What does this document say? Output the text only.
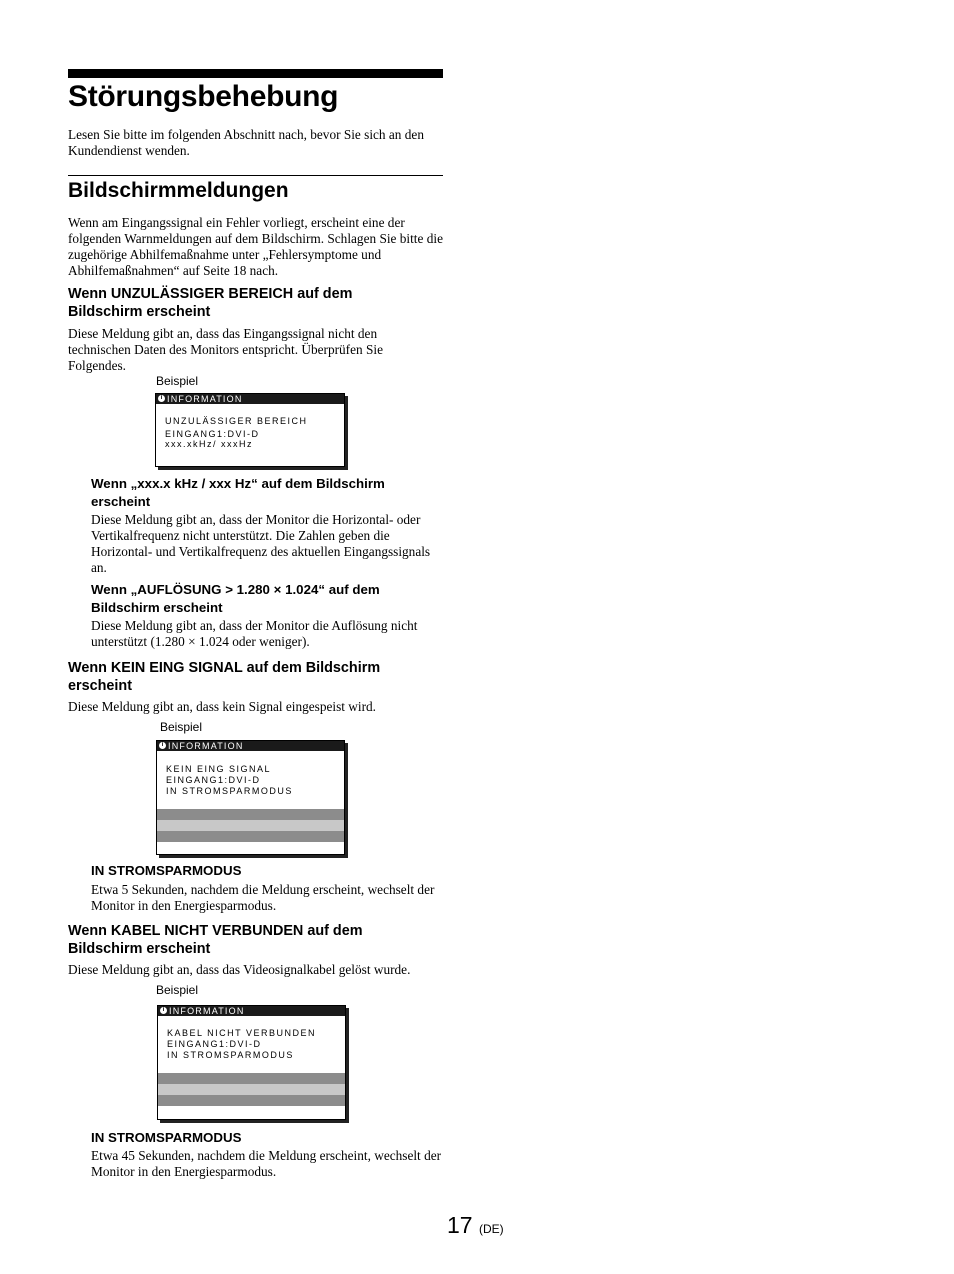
Störungsbehebung
Lesen Sie bitte im folgenden Abschnitt nach, bevor Sie sich an den Kundendienst wenden.
Bildschirmmeldungen
Wenn am Eingangssignal ein Fehler vorliegt, erscheint eine der folgenden Warnmeldungen auf dem Bildschirm. Schlagen Sie bitte die zugehörige Abhilfemaßnahme unter „Fehlersymptome und Abhilfemaßnahmen“ auf Seite 18 nach.
Wenn UNZULÄSSIGER BEREICH auf dem Bildschirm erscheint
Diese Meldung gibt an, dass das Eingangssignal nicht den technischen Daten des Monitors entspricht. Überprüfen Sie Folgendes.
Beispiel
i INFORMATION
UNZULÄSSIGER BEREICH
EINGANG1:DVI-D
xxx.xkHz/ xxxHz
Wenn „xxx.x kHz / xxx Hz“ auf dem Bildschirm erscheint
Diese Meldung gibt an, dass der Monitor die Horizontal- oder Vertikalfrequenz nicht unterstützt. Die Zahlen geben die Horizontal- und Vertikalfrequenz des aktuellen Eingangssignals an.
Wenn „AUFLÖSUNG > 1.280 × 1.024“ auf dem Bildschirm erscheint
Diese Meldung gibt an, dass der Monitor die Auflösung nicht unterstützt (1.280 × 1.024 oder weniger).
Wenn KEIN EING SIGNAL auf dem Bildschirm erscheint
Diese Meldung gibt an, dass kein Signal eingespeist wird.
Beispiel
i INFORMATION
KEIN EING SIGNAL
EINGANG1:DVI-D
IN STROMSPARMODUS
IN STROMSPARMODUS
Etwa 5 Sekunden, nachdem die Meldung erscheint, wechselt der Monitor in den Energiesparmodus.
Wenn KABEL NICHT VERBUNDEN auf dem Bildschirm erscheint
Diese Meldung gibt an, dass das Videosignalkabel gelöst wurde.
Beispiel
i INFORMATION
KABEL NICHT VERBUNDEN
EINGANG1:DVI-D
IN STROMSPARMODUS
IN STROMSPARMODUS
Etwa 45 Sekunden, nachdem die Meldung erscheint, wechselt der Monitor in den Energiesparmodus.
17 (DE)
